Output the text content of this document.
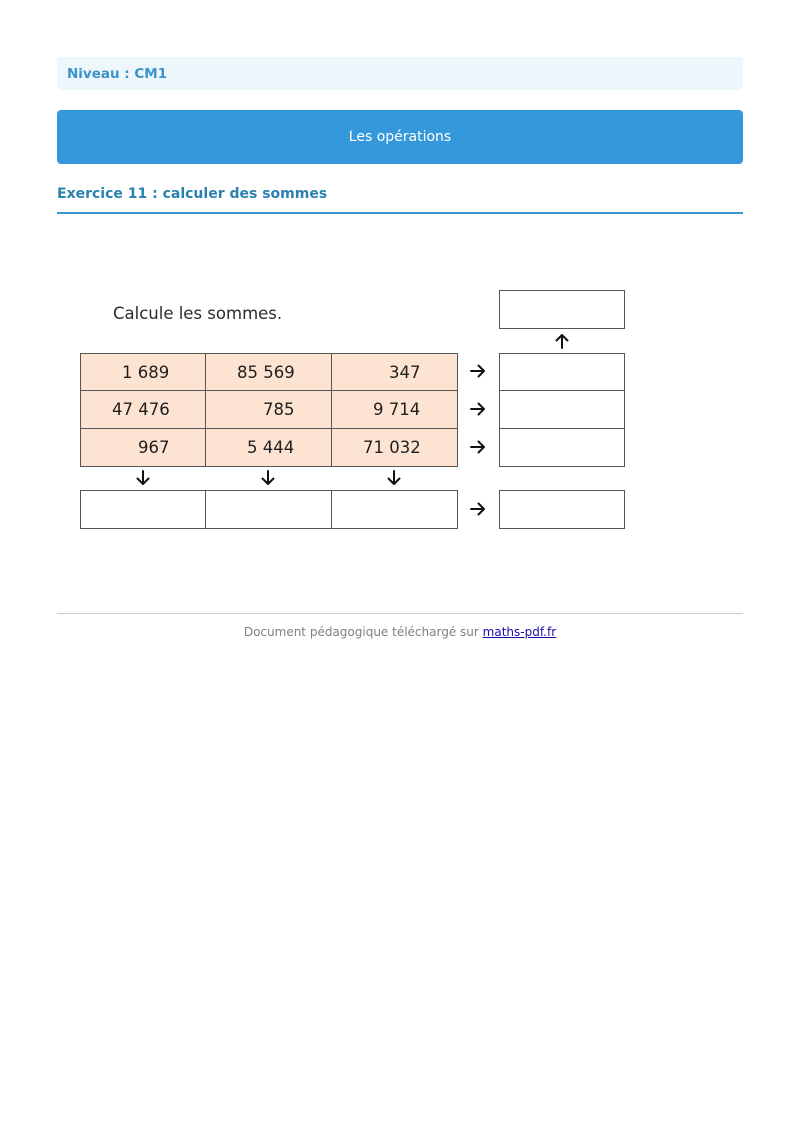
Niveau : CM1
Les opérations
Exercice 11 : calculer des sommes
Calcule les sommes.
1 689	85 569	347
47 476	785	9 714
967	5 444	71 032
Document pédagogique téléchargé sur maths-pdf.fr
